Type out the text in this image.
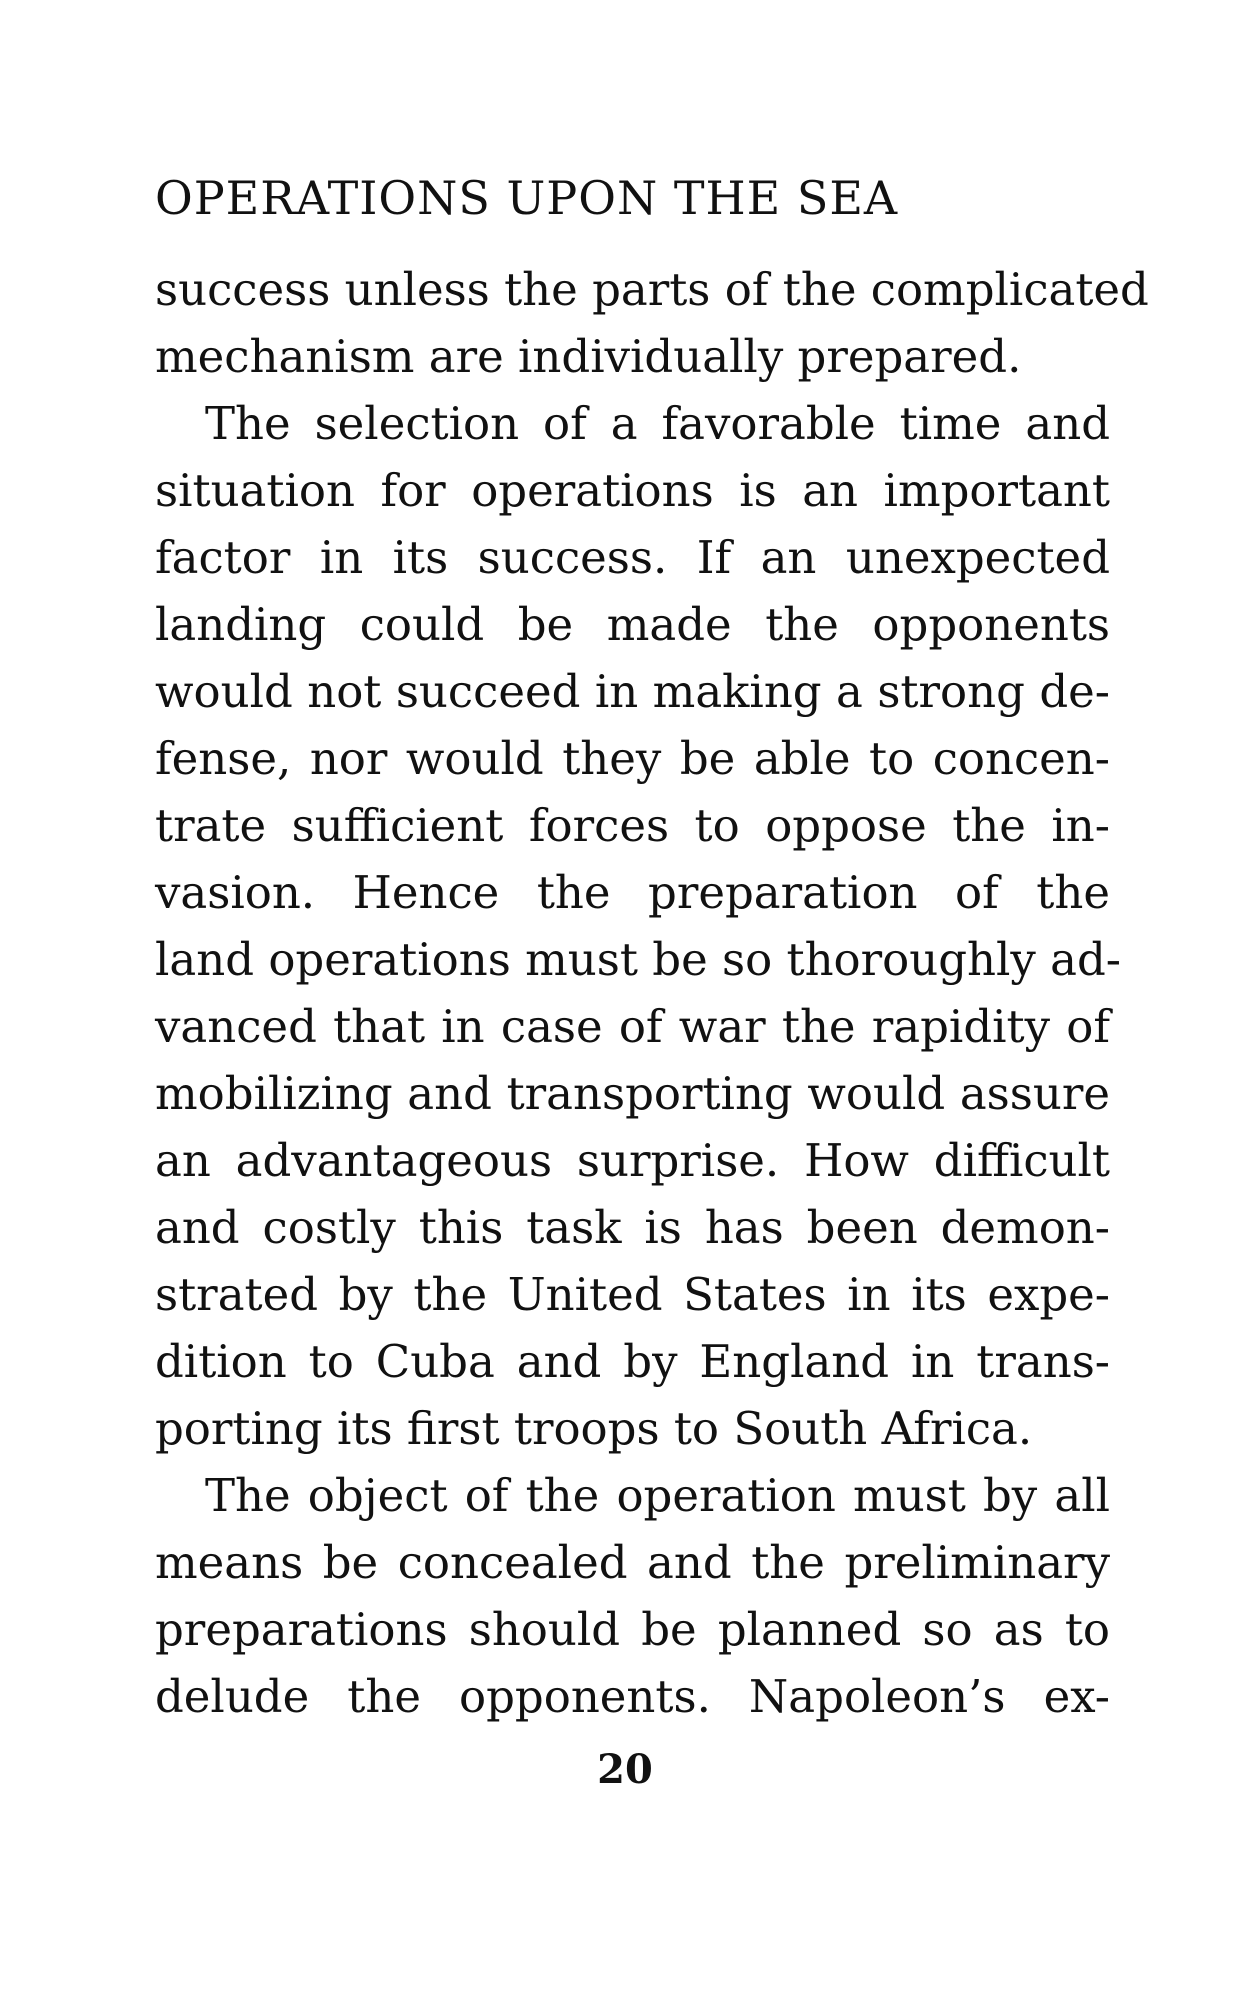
OPERATIONS UPON THE SEA
success unless the parts of the complicated
mechanism are individually prepared.
The selection of a favorable time and
situation for operations is an important
factor in its success. If an unexpected
landing could be made the opponents
would not succeed in making a strong de-
fense, nor would they be able to concen-
trate sufficient forces to oppose the in-
vasion. Hence the preparation of the
land operations must be so thoroughly ad-
vanced that in case of war the rapidity of
mobilizing and transporting would assure
an advantageous surprise. How difficult
and costly this task is has been demon-
strated by the United States in its expe-
dition to Cuba and by England in trans-
porting its first troops to South Africa.
The object of the operation must by all
means be concealed and the preliminary
preparations should be planned so as to
delude the opponents. Napoleon’s ex-
20
